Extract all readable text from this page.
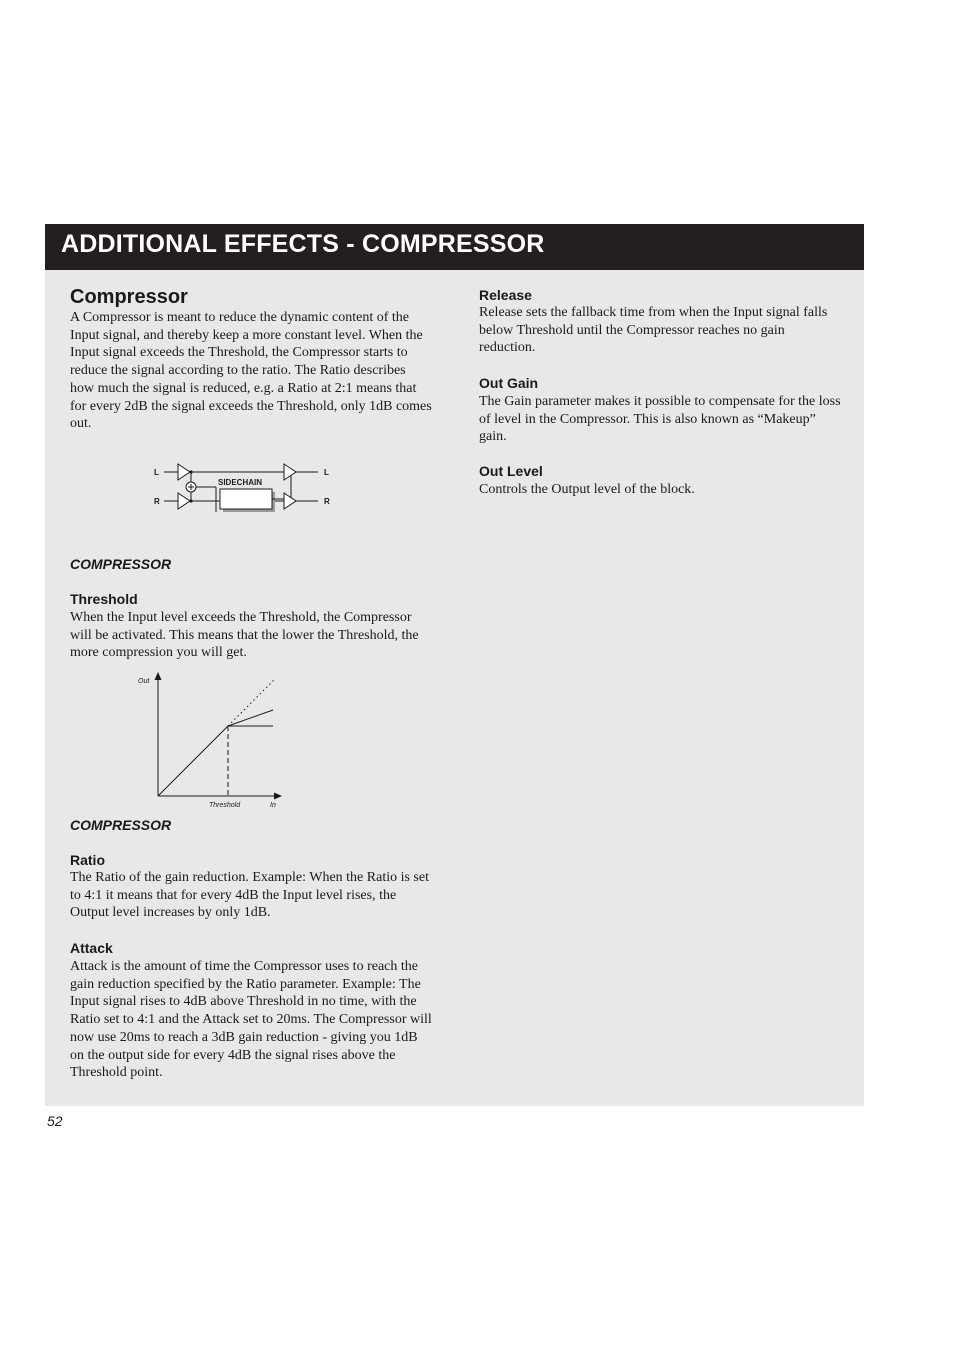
ADDITIONAL EFFECTS - COMPRESSOR
Compressor

A Compressor is meant to reduce the dynamic content of the Input signal, and thereby keep a more constant level. When the Input signal exceeds the Threshold, the Compressor starts to reduce the signal according to the ratio. The Ratio describes how much the signal is reduced, e.g. a Ratio at 2:1 means that for every 2dB the signal exceeds the Threshold, only 1dB comes out.

L
R
L
R
SIDECHAIN

COMPRESSOR

Threshold

When the Input level exceeds the Threshold, the Compressor will be activated. This means that the lower the Threshold, the more compression you will get.

Out
Threshold	In

COMPRESSOR

Ratio

The Ratio of the gain reduction. Example: When the Ratio is set to 4:1 it means that for every 4dB the Input level rises, the Output level increases by only 1dB.

Attack

Attack is the amount of time the Compressor uses to reach the gain reduction specified by the Ratio parameter. Example: The Input signal rises to 4dB above Threshold in no time, with the Ratio set to 4:1 and the Attack set to 20ms. The Compressor will now use 20ms to reach a 3dB gain reduction - giving you 1dB on the output side for every 4dB the signal rises above the Threshold point.

Release

Release sets the fallback time from when the Input signal falls below Threshold until the Compressor reaches no gain reduction.

Out Gain

The Gain parameter makes it possible to compensate for the loss of level in the Compressor. This is also known as “Makeup” gain.

Out Level

Controls the Output level of the block.

52
